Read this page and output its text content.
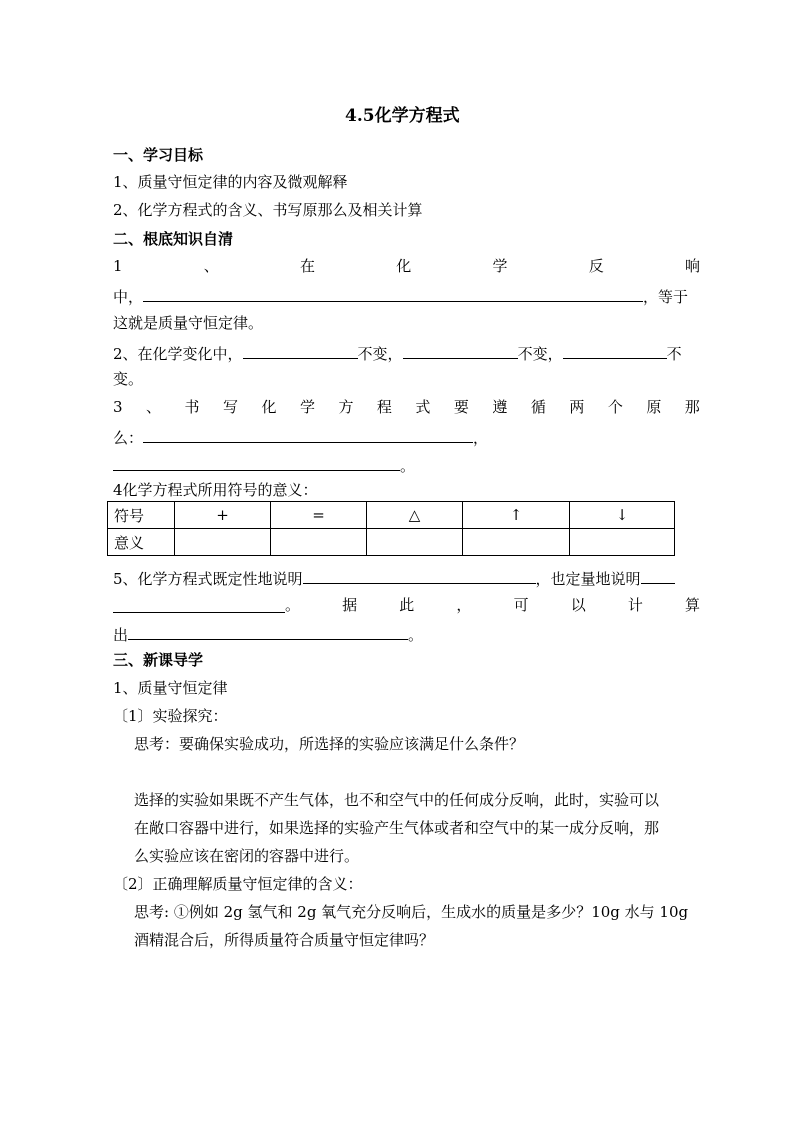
4.5化学方程式
一、学习目标
1、质量守恒定律的内容及微观解释
2、化学方程式的含义、书写原那么及相关计算
二、根底知识自清
1	、	在	化	学	反	响
中，	，等于
这就是质量守恒定律。
2、在化学变化中，	不变，	不变，	不
变。
3 、 书 写 化 学 方 程 式 要 遵 循 两 个 原 那
么：	，
。
4化学方程式所用符号的意义：
符号	+	=	△	↑	↓
意义					
5、化学方程式既定性地说明	，也定量地说明
。	据	此	，	可	以	计	算
出	。
三、新课导学
1、质量守恒定律
〔1〕实验探究：
思考：要确保实验成功，所选择的实验应该满足什么条件？
选择的实验如果既不产生气体，也不和空气中的任何成分反响，此时，实验可以
在敞口容器中进行，如果选择的实验产生气体或者和空气中的某一成分反响，那
么实验应该在密闭的容器中进行。
〔2〕正确理解质量守恒定律的含义：
思考: ①例如 2g 氢气和 2g 氧气充分反响后，生成水的质量是多少？10g 水与 10g
酒精混合后，所得质量符合质量守恒定律吗？
